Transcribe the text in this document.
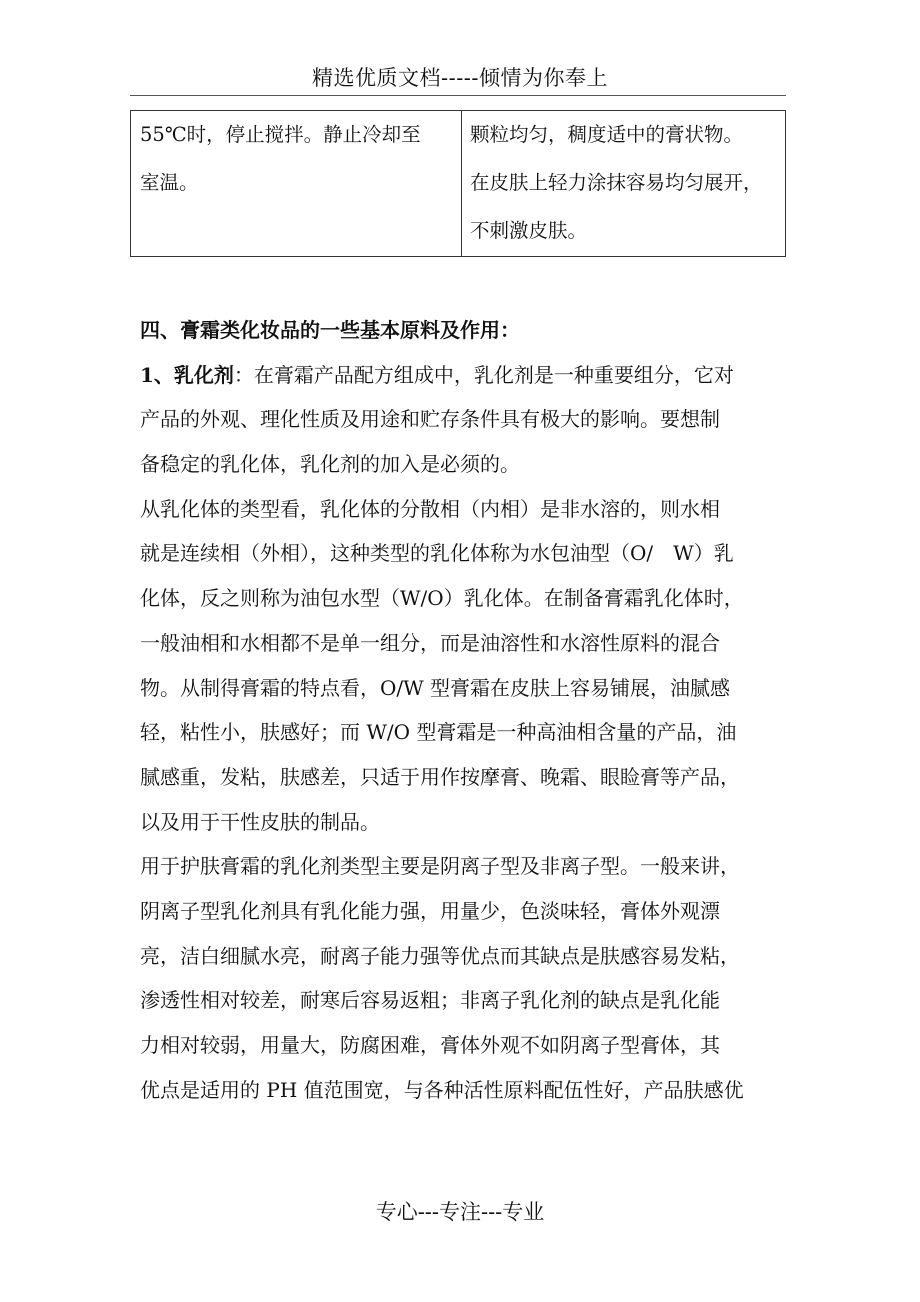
精选优质文档-----倾情为你奉上
55℃时，停止搅拌。静止冷却至
室温。
颗粒均匀，稠度适中的膏状物。
在皮肤上轻力涂抹容易均匀展开，
不刺激皮肤。
四、膏霜类化妆品的一些基本原料及作用：
1、乳化剂：在膏霜产品配方组成中，乳化剂是一种重要组分，它对
产品的外观、理化性质及用途和贮存条件具有极大的影响。要想制
备稳定的乳化体，乳化剂的加入是必须的。
从乳化体的类型看，乳化体的分散相（内相）是非水溶的，则水相
就是连续相（外相），这种类型的乳化体称为水包油型（O/　W）乳
化体，反之则称为油包水型（W/O）乳化体。在制备膏霜乳化体时，
一般油相和水相都不是单一组分，而是油溶性和水溶性原料的混合
物。从制得膏霜的特点看，O/W 型膏霜在皮肤上容易铺展，油腻感
轻，粘性小，肤感好；而 W/O 型膏霜是一种高油相含量的产品，油
腻感重，发粘，肤感差，只适于用作按摩膏、晚霜、眼睑膏等产品，
以及用于干性皮肤的制品。
用于护肤膏霜的乳化剂类型主要是阴离子型及非离子型。一般来讲，
阴离子型乳化剂具有乳化能力强，用量少，色淡味轻，膏体外观漂
亮，洁白细腻水亮，耐离子能力强等优点而其缺点是肤感容易发粘，
渗透性相对较差，耐寒后容易返粗；非离子乳化剂的缺点是乳化能
力相对较弱，用量大，防腐困难，膏体外观不如阴离子型膏体，其
优点是适用的 PH 值范围宽，与各种活性原料配伍性好，产品肤感优
专心---专注---专业
